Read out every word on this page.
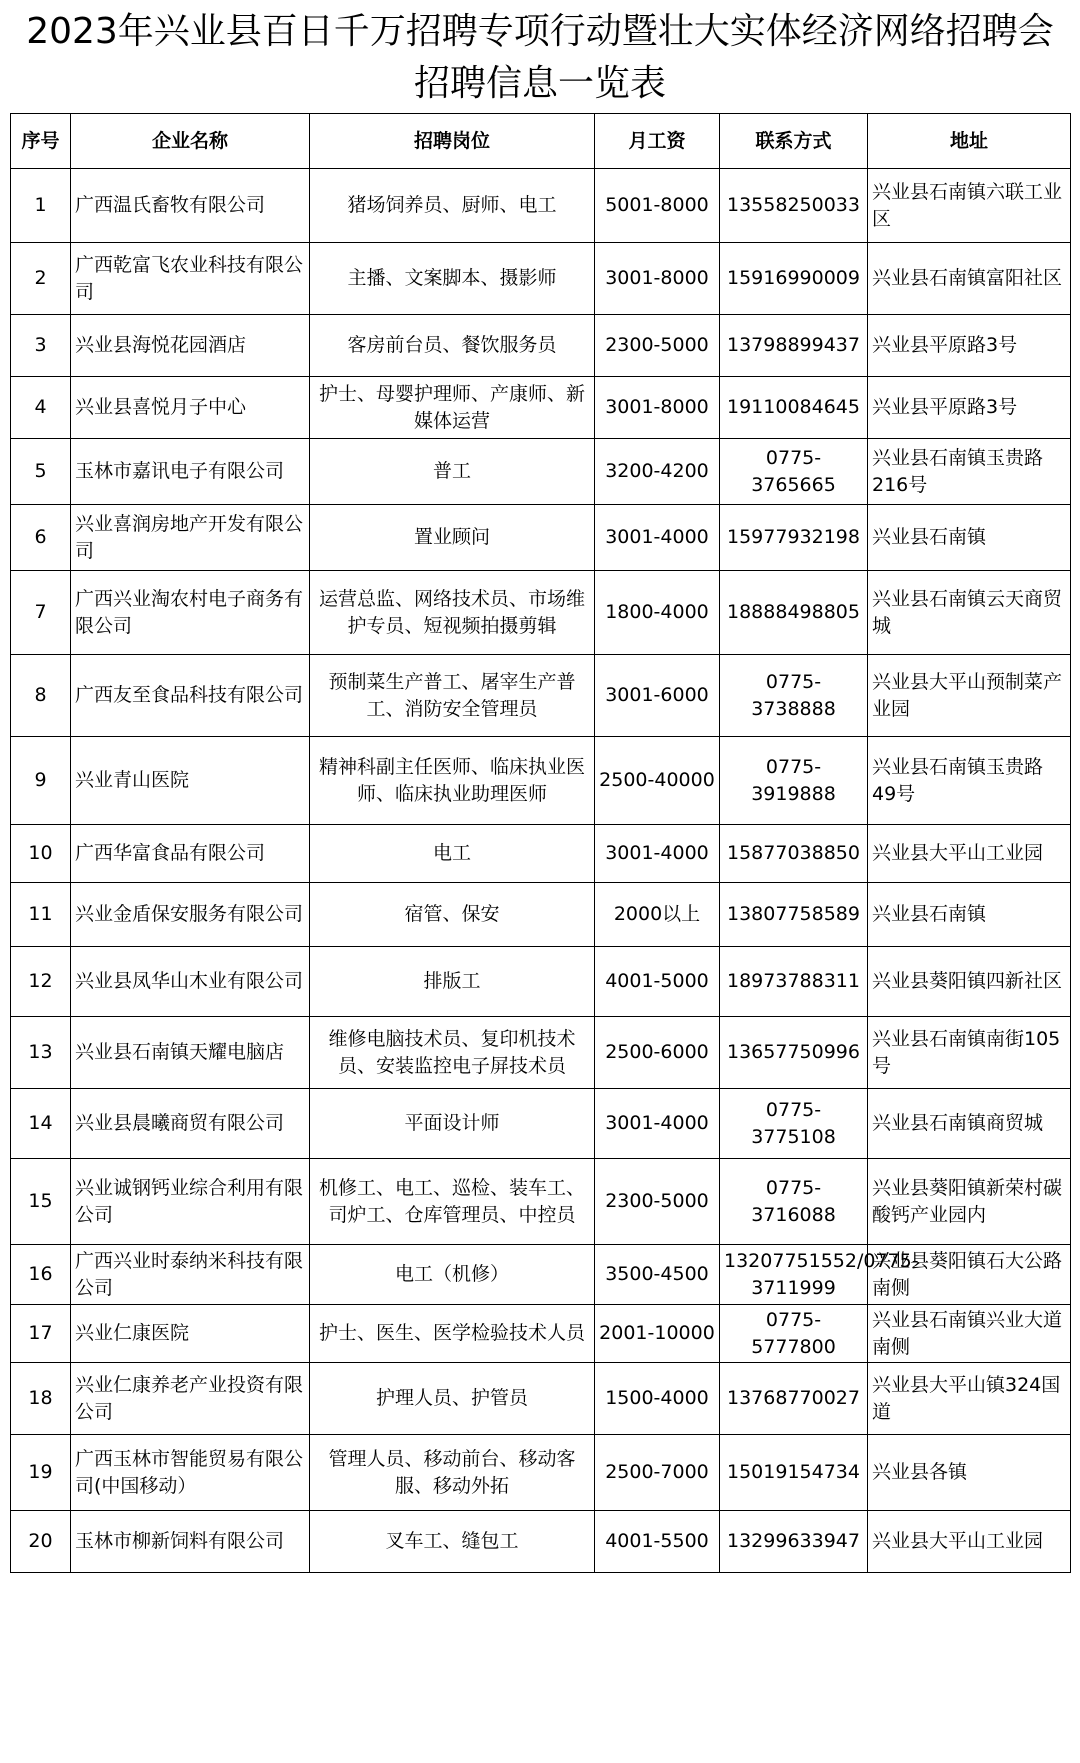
2023年兴业县百日千万招聘专项行动暨壮大实体经济网络招聘会
招聘信息一览表
序号	企业名称	招聘岗位	月工资	联系方式	地址
1	广西温氏畜牧有限公司	猪场饲养员、厨师、电工	5001-8000	13558250033	兴业县石南镇六联工业区
2	广西乾富飞农业科技有限公司	主播、文案脚本、摄影师	3001-8000	15916990009	兴业县石南镇富阳社区
3	兴业县海悦花园酒店	客房前台员、餐饮服务员	2300-5000	13798899437	兴业县平原路3号
4	兴业县喜悦月子中心	护士、母婴护理师、产康师、新媒体运营	3001-8000	19110084645	兴业县平原路3号
5	玉林市嘉讯电子有限公司	普工	3200-4200	0775-3765665	兴业县石南镇玉贵路216号
6	兴业喜润房地产开发有限公司	置业顾问	3001-4000	15977932198	兴业县石南镇
7	广西兴业淘农村电子商务有限公司	运营总监、网络技术员、市场维护专员、短视频拍摄剪辑	1800-4000	18888498805	兴业县石南镇云天商贸城
8	广西友至食品科技有限公司	预制菜生产普工、屠宰生产普工、消防安全管理员	3001-6000	0775-3738888	兴业县大平山预制菜产业园
9	兴业青山医院	精神科副主任医师、临床执业医师、临床执业助理医师	2500-40000	0775-3919888	兴业县石南镇玉贵路49号
10	广西华富食品有限公司	电工	3001-4000	15877038850	兴业县大平山工业园
11	兴业金盾保安服务有限公司	宿管、保安	2000以上	13807758589	兴业县石南镇
12	兴业县凤华山木业有限公司	排版工	4001-5000	18973788311	兴业县葵阳镇四新社区
13	兴业县石南镇天耀电脑店	维修电脑技术员、复印机技术员、安装监控电子屏技术员	2500-6000	13657750996	兴业县石南镇南街105号
14	兴业县晨曦商贸有限公司	平面设计师	3001-4000	0775-3775108	兴业县石南镇商贸城
15	兴业诚钢钙业综合利用有限公司	机修工、电工、巡检、装车工、司炉工、仓库管理员、中控员	2300-5000	0775-3716088	兴业县葵阳镇新荣村碳酸钙产业园内
16	广西兴业时泰纳米科技有限公司	电工（机修）	3500-4500	13207751552/0775-3711999	兴业县葵阳镇石大公路南侧
17	兴业仁康医院	护士、医生、医学检验技术人员	2001-10000	0775-5777800	兴业县石南镇兴业大道南侧
18	兴业仁康养老产业投资有限公司	护理人员、护管员	1500-4000	13768770027	兴业县大平山镇324国道
19	广西玉林市智能贸易有限公司(中国移动）	管理人员、移动前台、移动客服、移动外拓	2500-7000	15019154734	兴业县各镇
20	玉林市柳新饲料有限公司	叉车工、缝包工	4001-5500	13299633947	兴业县大平山工业园
